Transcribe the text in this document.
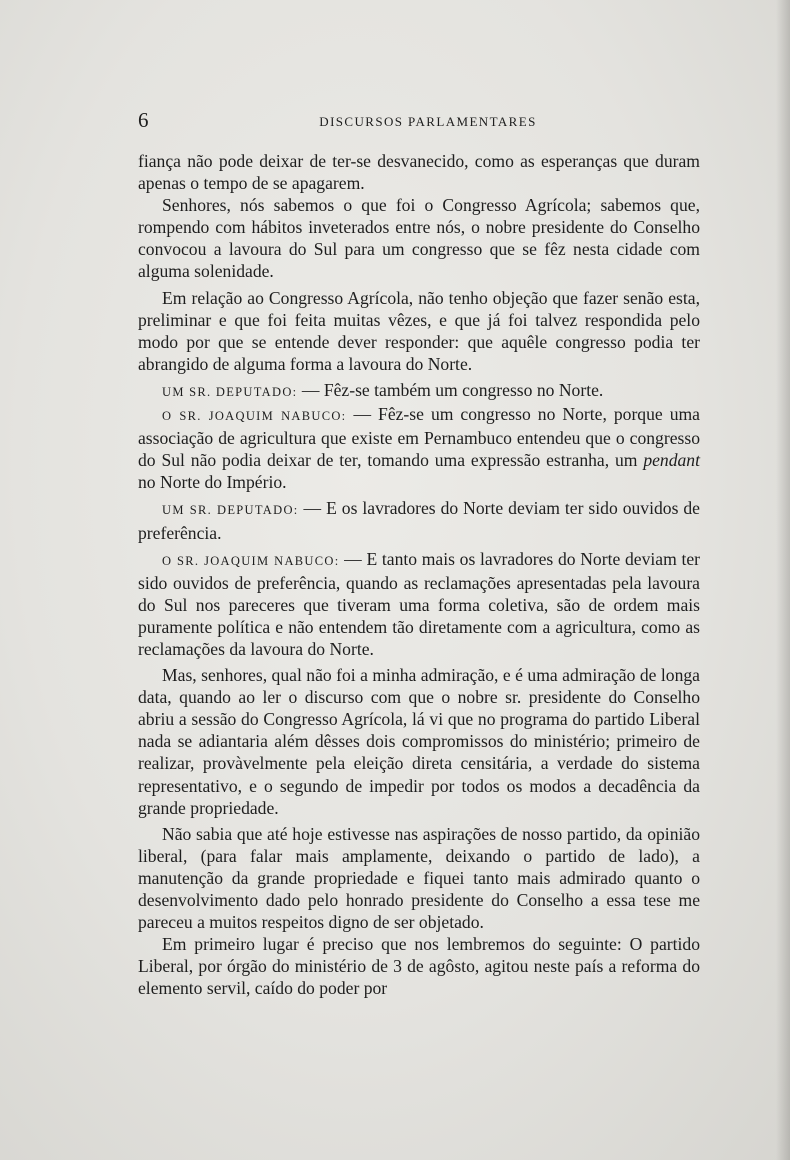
6	DISCURSOS PARLAMENTARES

fiança não pode deixar de ter-se desvanecido, como as esperanças que duram apenas o tempo de se apagarem.

Senhores, nós sabemos o que foi o Congresso Agrícola; sabemos que, rompendo com hábitos inveterados entre nós, o nobre presidente do Conselho convocou a lavoura do Sul para um congresso que se fêz nesta cidade com alguma solenidade.

Em relação ao Congresso Agrícola, não tenho objeção que fazer senão esta, preliminar e que foi feita muitas vêzes, e que já foi talvez respondida pelo modo por que se entende dever responder: que aquêle congresso podia ter abrangido de alguma forma a lavoura do Norte.

UM SR. DEPUTADO: — Fêz-se também um congresso no Norte.

O SR. JOAQUIM NABUCO: — Fêz-se um congresso no Norte, porque uma associação de agricultura que existe em Pernambuco entendeu que o congresso do Sul não podia deixar de ter, tomando uma expressão estranha, um pendant no Norte do Império.

UM SR. DEPUTADO: — E os lavradores do Norte deviam ter sido ouvidos de preferência.

O SR. JOAQUIM NABUCO: — E tanto mais os lavradores do Norte deviam ter sido ouvidos de preferência, quando as reclamações apresentadas pela lavoura do Sul nos pareceres que tiveram uma forma coletiva, são de ordem mais puramente política e não entendem tão diretamente com a agricultura, como as reclamações da lavoura do Norte.

Mas, senhores, qual não foi a minha admiração, e é uma admiração de longa data, quando ao ler o discurso com que o nobre sr. presidente do Conselho abriu a sessão do Congresso Agrícola, lá vi que no programa do partido Liberal nada se adiantaria além dêsses dois compromissos do ministério; primeiro de realizar, provàvelmente pela eleição direta censitária, a verdade do sistema representativo, e o segundo de impedir por todos os modos a decadência da grande propriedade.

Não sabia que até hoje estivesse nas aspirações de nosso partido, da opinião liberal, (para falar mais amplamente, deixando o partido de lado), a manutenção da grande propriedade e fiquei tanto mais admirado quanto o desenvolvimento dado pelo honrado presidente do Conselho a essa tese me pareceu a muitos respeitos digno de ser objetado.

Em primeiro lugar é preciso que nos lembremos do seguinte: O partido Liberal, por órgão do ministério de 3 de agôsto, agitou neste país a reforma do elemento servil, caído do poder por
